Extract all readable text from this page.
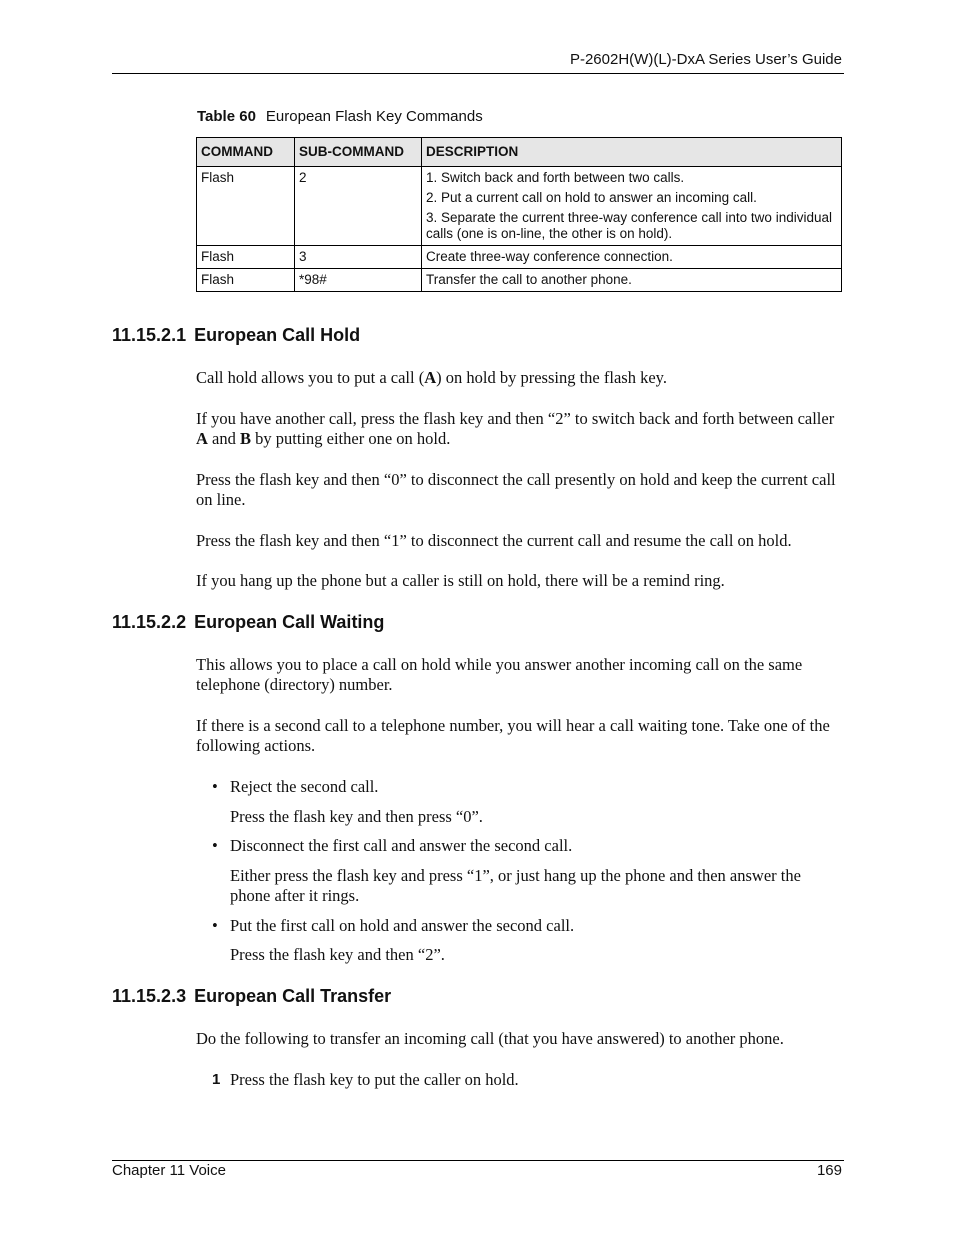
P-2602H(W)(L)-DxA Series User’s Guide
Table 60 European Flash Key Commands
COMMAND	SUB-COMMAND	DESCRIPTION
Flash	2	1. Switch back and forth between two calls.
2. Put a current call on hold to answer an incoming call.
3. Separate the current three-way conference call into two individual calls (one is on-line, the other is on hold).

Flash	3	Create three-way conference connection.
Flash	*98#	Transfer the call to another phone.
11.15.2.1 European Call Hold

Call hold allows you to put a call (A) on hold by pressing the flash key.

If you have another call, press the flash key and then “2” to switch back and forth between caller A and B by putting either one on hold.

Press the flash key and then “0” to disconnect the call presently on hold and keep the current call on line.

Press the flash key and then “1” to disconnect the current call and resume the call on hold.

If you hang up the phone but a caller is still on hold, there will be a remind ring.

11.15.2.2 European Call Waiting

This allows you to place a call on hold while you answer another incoming call on the same telephone (directory) number.

If there is a second call to a telephone number, you will hear a call waiting tone. Take one of the following actions.

• Reject the second call.

Press the flash key and then press “0”.

• Disconnect the first call and answer the second call.

Either press the flash key and press “1”, or just hang up the phone and then answer the phone after it rings.

• Put the first call on hold and answer the second call.

Press the flash key and then “2”.

11.15.2.3 European Call Transfer

Do the following to transfer an incoming call (that you have answered) to another phone.

1 Press the flash key to put the caller on hold.
Chapter 11 Voice	169
